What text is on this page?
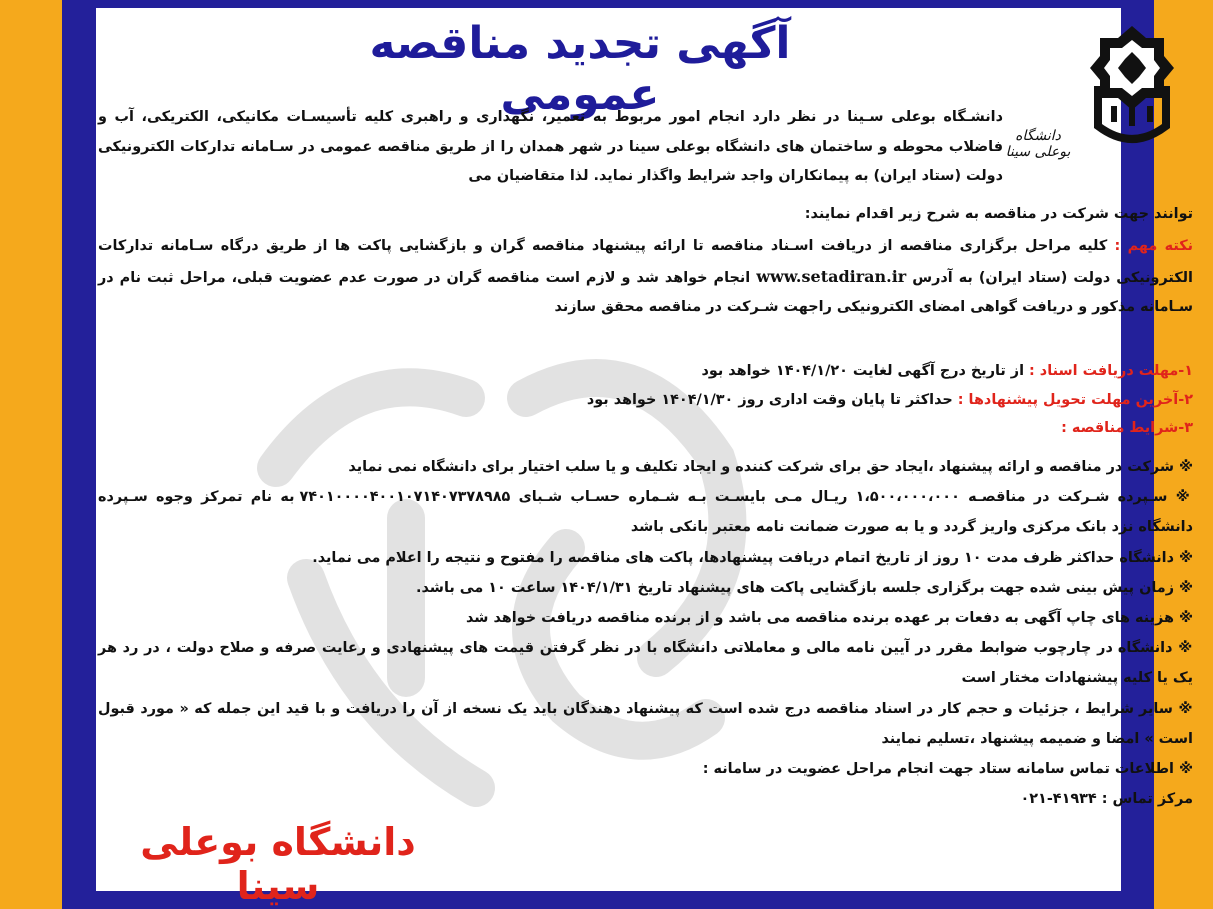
دانشگاه بوعلی سینا
آگهی تجدید مناقصه عمومی
دانشـگاه بوعلی سـینا در نظر دارد انجام امور مربوط به تعمیر، نگهداری و راهبری کلیه تأسیسـات مکانیکی، الکتریکی، آب و فاضلاب محوطه و ساختمان های دانشگاه بوعلی سینا در شهر همدان را از طریق مناقصه عمومی در سـامانه تدارکات الکترونیکی دولت (ستاد ایران) به پیمانکاران واجد شرایط واگذار نماید. لذا متقاضیان می
توانند جهت شرکت در مناقصه به شرح زیر اقدام نمایند:
نکته مهم : کلیه مراحل برگزاری مناقصه از دریافت اسـناد مناقصه تا ارائه پیشنهاد مناقصه گران و بازگشایی پاکت ها از طریق درگاه سـامانه تدارکات الکترونیکی دولت (ستاد ایران) به آدرس www.setadiran.ir انجام خواهد شد و لازم است مناقصه گران در صورت عدم عضویت قبلی، مراحل ثبت نام در سـامانه مذکور و دریافت گواهی امضای الکترونیکی راجهت شـرکت در مناقصه محقق سازند
۱-مهلت دریافت اسناد : از تاریخ درج آگهی لغایت ۱۴۰۴/۱/۲۰ خواهد بود
۲-آخرین مهلت تحویل پیشنهادها : حداکثر تا پایان وقت اداری روز ۱۴۰۴/۱/۳۰ خواهد بود
۳-شرایط مناقصه :
※ شرکت در مناقصه و ارائه پیشنهاد ،ایجاد حق برای شرکت کننده و ایجاد تکلیف و یا سلب اختیار برای دانشگاه نمی نماید
※ سـپرده شـرکت در مناقصـه ۱،۵۰۰،۰۰۰،۰۰۰ ریـال مـی بایسـت بـه شـماره حسـاب شـبای ۷۴۰۱۰۰۰۰۴۰۰۱۰۷۱۴۰۷۳۷۸۹۸۵ به نام تمرکز وجوه سـپرده دانشگاه نزد بانک مرکزی واریز گردد و یا به صورت ضمانت نامه معتبر بانکی باشد
※ دانشگاه حداکثر ظرف مدت ۱۰ روز از تاریخ اتمام دریافت پیشنهادها، پاکت های مناقصه را مفتوح و نتیجه را اعلام می نماید.
※ زمان پیش بینی شده جهت برگزاری جلسه بازگشایی پاکت های پیشنهاد تاریخ ۱۴۰۴/۱/۳۱ ساعت ۱۰ می باشد.
※ هزینه های چاپ آگهی به دفعات بر عهده برنده مناقصه می باشد و از برنده مناقصه دریافت خواهد شد
※ دانشگاه در چارچوب ضوابط مقرر در آیین نامه مالی و معاملاتی دانشگاه با در نظر گرفتن قیمت های پیشنهادی و رعایت صرفه و صلاح دولت ، در رد هر یک یا کلیه پیشنهادات مختار است
※ سایر شرایط ، جزئیات و حجم کار در اسناد مناقصه درج شده است که پیشنهاد دهندگان باید یک نسخه از آن را دریافت و با قید این جمله که « مورد قبول است » امضا و ضمیمه پیشنهاد ،تسلیم نمایند
※ اطلاعات تماس سامانه ستاد جهت انجام مراحل عضویت در سامانه :
مرکز تماس : ۴۱۹۳۴-۰۲۱
دانشگاه بوعلی سینا
